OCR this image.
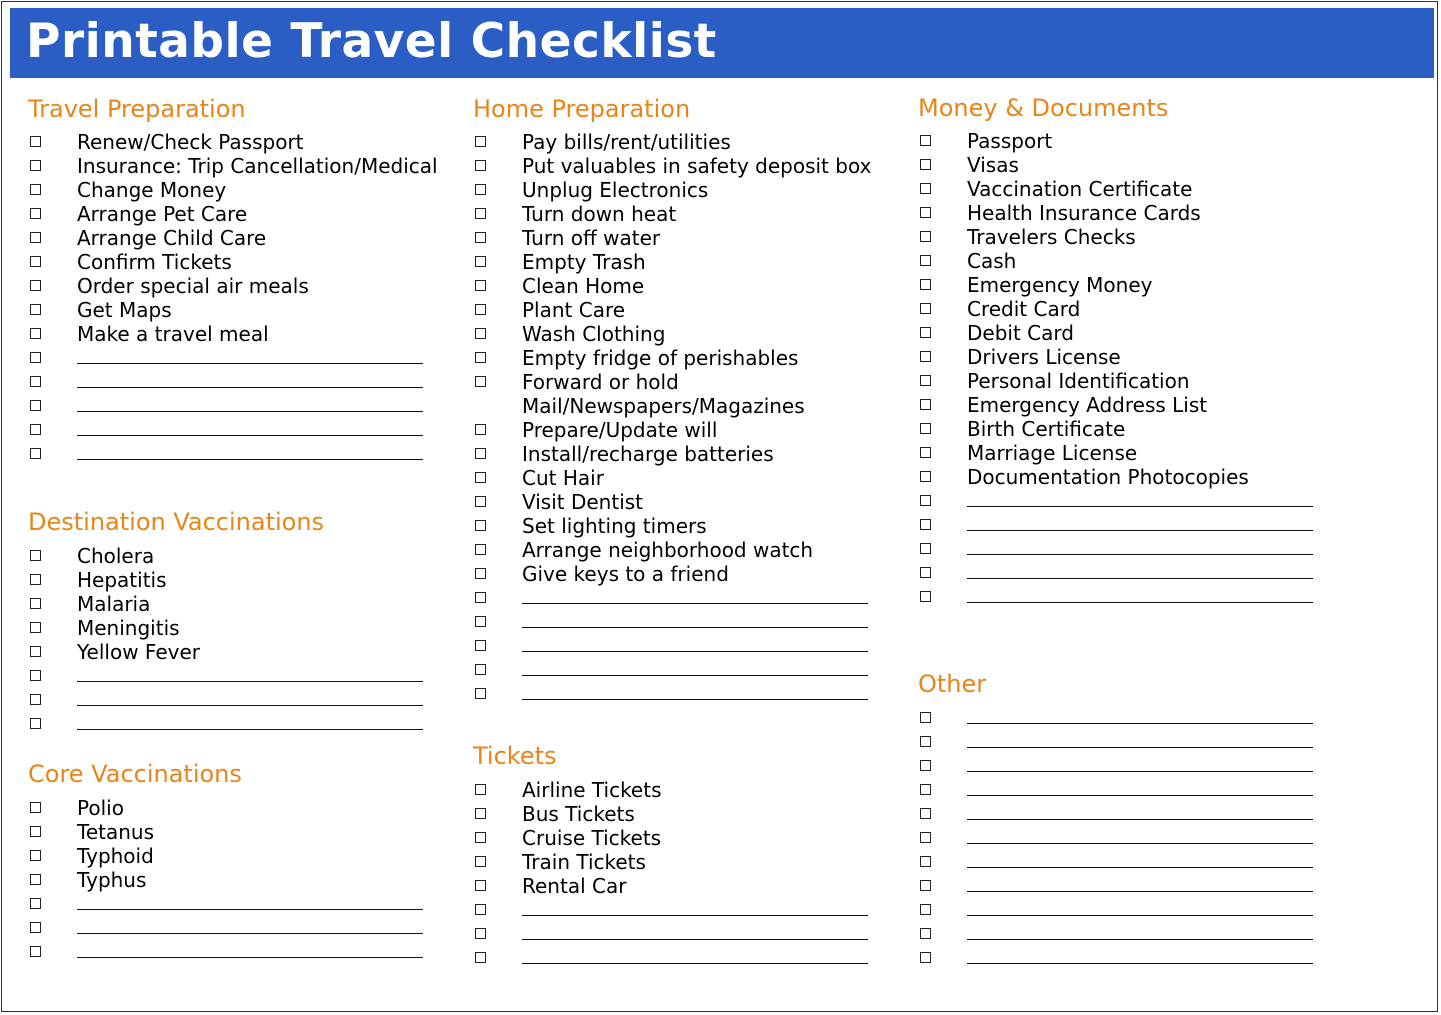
Printable Travel Checklist
Travel Preparation
Renew/Check Passport
Insurance: Trip Cancellation/Medical
Change Money
Arrange Pet Care
Arrange Child Care
Confirm Tickets
Order special air meals
Get Maps
Make a travel meal
Destination Vaccinations
Cholera
Hepatitis
Malaria
Meningitis
Yellow Fever
Core Vaccinations
Polio
Tetanus
Typhoid
Typhus
Home Preparation
Pay bills/rent/utilities
Put valuables in safety deposit box
Unplug Electronics
Turn down heat
Turn off water
Empty Trash
Clean Home
Plant Care
Wash Clothing
Empty fridge of perishables
Forward or hold
Mail/Newspapers/Magazines
Prepare/Update will
Install/recharge batteries
Cut Hair
Visit Dentist
Set lighting timers
Arrange neighborhood watch
Give keys to a friend
Tickets
Airline Tickets
Bus Tickets
Cruise Tickets
Train Tickets
Rental Car
Money & Documents
Passport
Visas
Vaccination Certificate
Health Insurance Cards
Travelers Checks
Cash
Emergency Money
Credit Card
Debit Card
Drivers License
Personal Identification
Emergency Address List
Birth Certificate
Marriage License
Documentation Photocopies
Other
